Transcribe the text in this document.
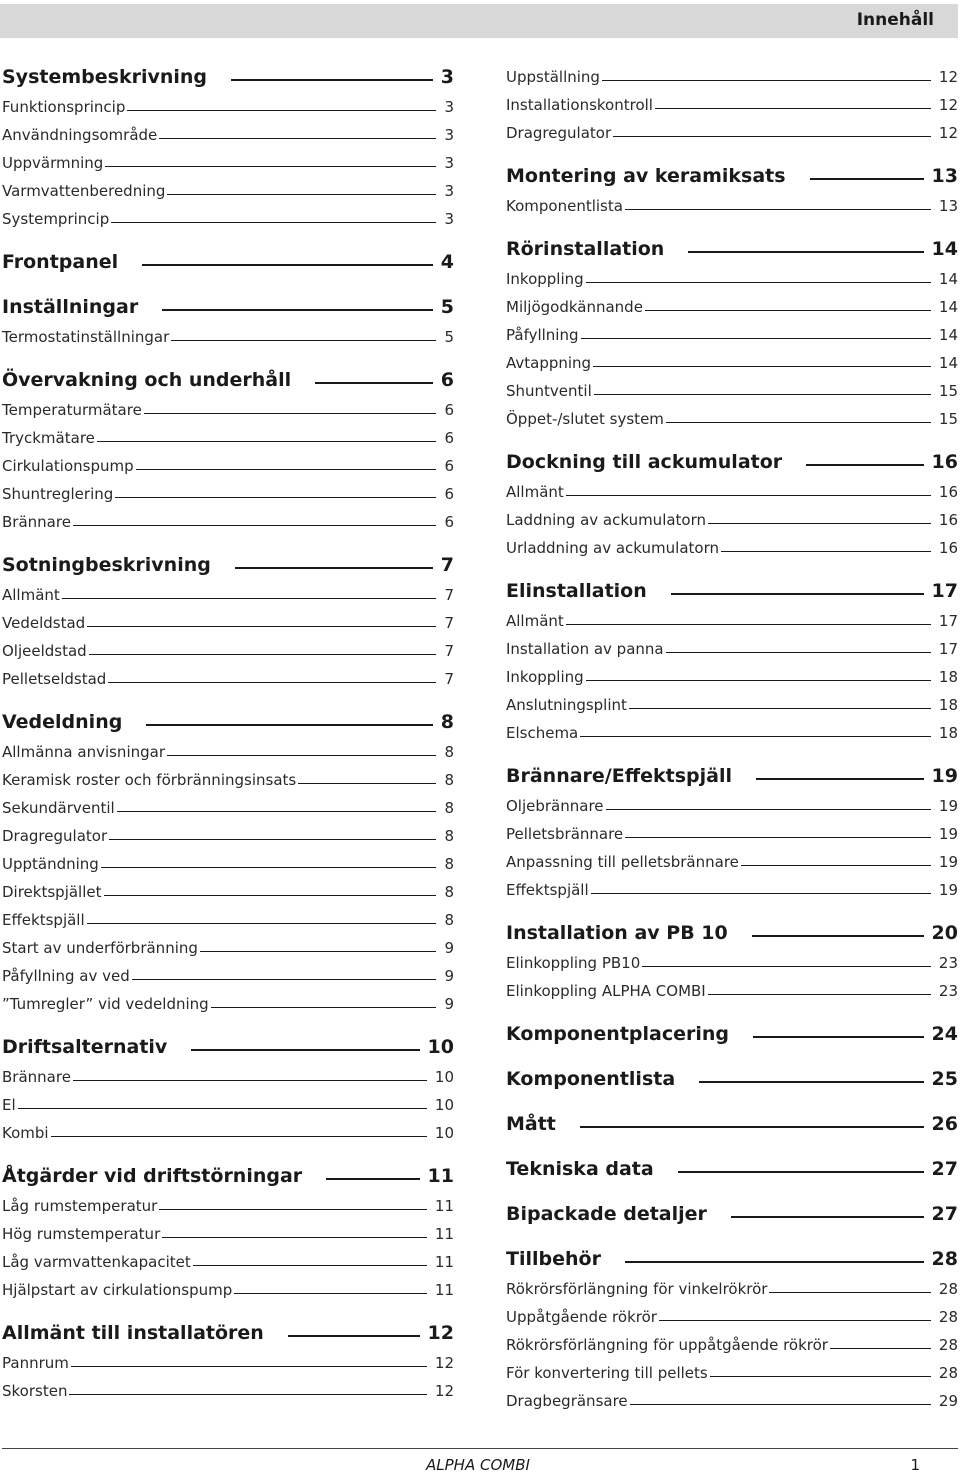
Innehåll
Systembeskrivning	3
Funktionsprincip	3
Användningsområde	3
Uppvärmning	3
Varmvattenberedning	3
Systemprincip	3
Frontpanel	4
Inställningar	5
Termostatinställningar	5
Övervakning och underhåll	6
Temperaturmätare	6
Tryckmätare	6
Cirkulationspump	6
Shuntreglering	6
Brännare	6
Sotningbeskrivning	7
Allmänt	7
Vedeldstad	7
Oljeeldstad	7
Pelletseldstad	7
Vedeldning	8
Allmänna anvisningar	8
Keramisk roster och förbränningsinsats	8
Sekundärventil	8
Dragregulator	8
Upptändning	8
Direktspjället	8
Effektspjäll	8
Start av underförbränning	9
Påfyllning av ved	9
”Tumregler” vid vedeldning	9
Driftsalternativ	10
Brännare	10
El	10
Kombi	10
Åtgärder vid driftstörningar	11
Låg rumstemperatur	11
Hög rumstemperatur	11
Låg varmvattenkapacitet	11
Hjälpstart av cirkulationspump	11
Allmänt till installatören	12
Pannrum	12
Skorsten	12
Uppställning	12
Installationskontroll	12
Dragregulator	12
Montering av keramiksats	13
Komponentlista	13
Rörinstallation	14
Inkoppling	14
Miljögodkännande	14
Påfyllning	14
Avtappning	14
Shuntventil	15
Öppet-/slutet system	15
Dockning till ackumulator	16
Allmänt	16
Laddning av ackumulatorn	16
Urladdning av ackumulatorn	16
Elinstallation	17
Allmänt	17
Installation av panna	17
Inkoppling	18
Anslutningsplint	18
Elschema	18
Brännare/Effektspjäll	19
Oljebrännare	19
Pelletsbrännare	19
Anpassning till pelletsbrännare	19
Effektspjäll	19
Installation av PB 10	20
Elinkoppling PB10	23
Elinkoppling ALPHA COMBI	23
Komponentplacering	24
Komponentlista	25
Mått	26
Tekniska data	27
Bipackade detaljer	27
Tillbehör	28
Rökrörsförlängning för vinkelrökrör	28
Uppåtgående rökrör	28
Rökrörsförlängning för uppåtgående rökrör	28
För konvertering till pellets	28
Dragbegränsare	29
ALPHA COMBI	1
